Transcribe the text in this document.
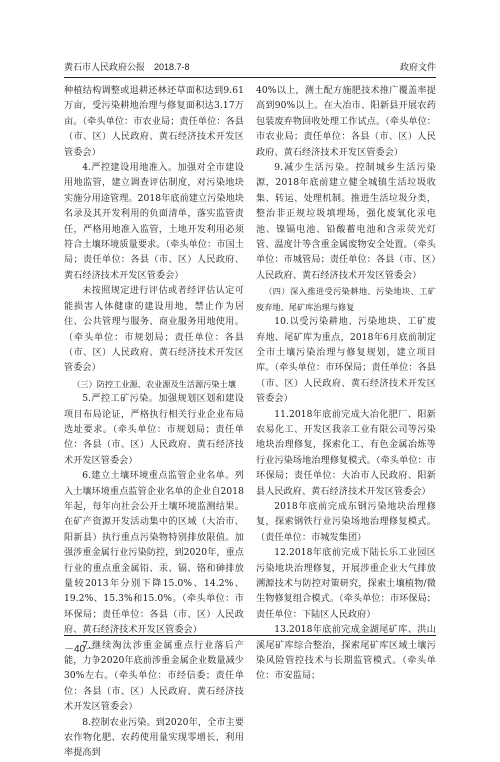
黄石市人民政府公报　2018.7-8	政府文件

种植结构调整或退耕还林还草面积达到9.61万亩，受污染耕地治理与修复面积达3.17万亩。（牵头单位：市农业局；责任单位：各县（市、区）人民政府、黄石经济技术开发区管委会）

4.严控建设用地准入。加强对全市建设用地监管，建立调查评估制度，对污染地块实施分用途管理。2018年底前建立污染地块名录及其开发利用的负面清单，落实监管责任，严格用地准入监管，土地开发利用必须符合土壤环境质量要求。（牵头单位：市国土局；责任单位：各县（市、区）人民政府、黄石经济技术开发区管委会）

未按照规定进行评估或者经评估认定可能损害人体健康的建设用地，禁止作为居住、公共管理与服务、商业服务用地使用。（牵头单位：市规划局；责任单位：各县（市、区）人民政府、黄石经济技术开发区管委会）

（三）防控工业源、农业源及生活源污染土壤

5.严控工矿污染。加强规划区划和建设项目布局论证，严格执行相关行业企业布局选址要求。（牵头单位：市规划局；责任单位：各县（市、区）人民政府、黄石经济技术开发区管委会）

6.建立土壤环境重点监管企业名单。列入土壤环境重点监管企业名单的企业自2018年起，每年向社会公开土壤环境监测结果。在矿产资源开发活动集中的区域（大冶市、阳新县）执行重点污染物特别排放限值。加强涉重金属行业污染防控，到2020年，重点行业的重点重金属铅、汞、镉、铬和砷排放量较2013年分别下降15.0%、14.2%、19.2%、15.3%和15.0%。（牵头单位：市环保局；责任单位：各县（市、区）人民政府、黄石经济技术开发区管委会）

7.继续淘汰涉重金属重点行业落后产能，力争2020年底前涉重金属企业数量减少30%左右。（牵头单位：市经信委；责任单位：各县（市、区）人民政府、黄石经济技术开发区管委会）

8.控制农业污染。到2020年，全市主要农作物化肥、农药使用量实现零增长，利用率提高到

40%以上，测土配方施肥技术推广覆盖率提高到90%以上。在大冶市、阳新县开展农药包装废弃物回收处理工作试点。（牵头单位：市农业局；责任单位：各县（市、区）人民政府、黄石经济技术开发区管委会）

9.减少生活污染。控制城乡生活污染源，2018年底前建立健全城镇生活垃圾收集、转运、处理机制。推进生活垃圾分类，整治非正规垃圾填埋场，强化废氧化汞电池、镍镉电池、铅酸蓄电池和含汞荧光灯管、温度计等含重金属废物安全处置。（牵头单位：市城管局；责任单位：各县（市、区）人民政府、黄石经济技术开发区管委会）

（四）深入推进受污染耕地、污染地块、工矿废弃地、尾矿库治理与修复

10.以受污染耕地、污染地块、工矿废弃地、尾矿库为重点，2018年6月底前制定全市土壤污染治理与修复规划，建立项目库。（牵头单位：市环保局；责任单位：各县（市、区）人民政府、黄石经济技术开发区管委会）

11.2018年底前完成大冶化肥厂、阳新农易化工、开发区我亲工业有限公司等污染地块治理修复，探索化工、有色金属冶炼等行业污染场地治理修复模式。（牵头单位：市环保局；责任单位：大冶市人民政府、阳新县人民政府、黄石经济技术开发区管委会）

2018年底前完成东钢污染地块治理修复，探索钢铁行业污染场地治理修复模式。（责任单位：市城发集团）

12.2018年底前完成下陆长乐工业园区污染地块治理修复，开展涉重企业大气排放溯源技术与防控对策研究，探索土壤植物/微生物修复组合模式。（牵头单位：市环保局；责任单位：下陆区人民政府）

13.2018年底前完成金湖尾矿库、洪山溪尾矿库综合整治，探索尾矿库区域土壤污染风险管控技术与长期监管模式。（牵头单位：市安监局；

－40－
